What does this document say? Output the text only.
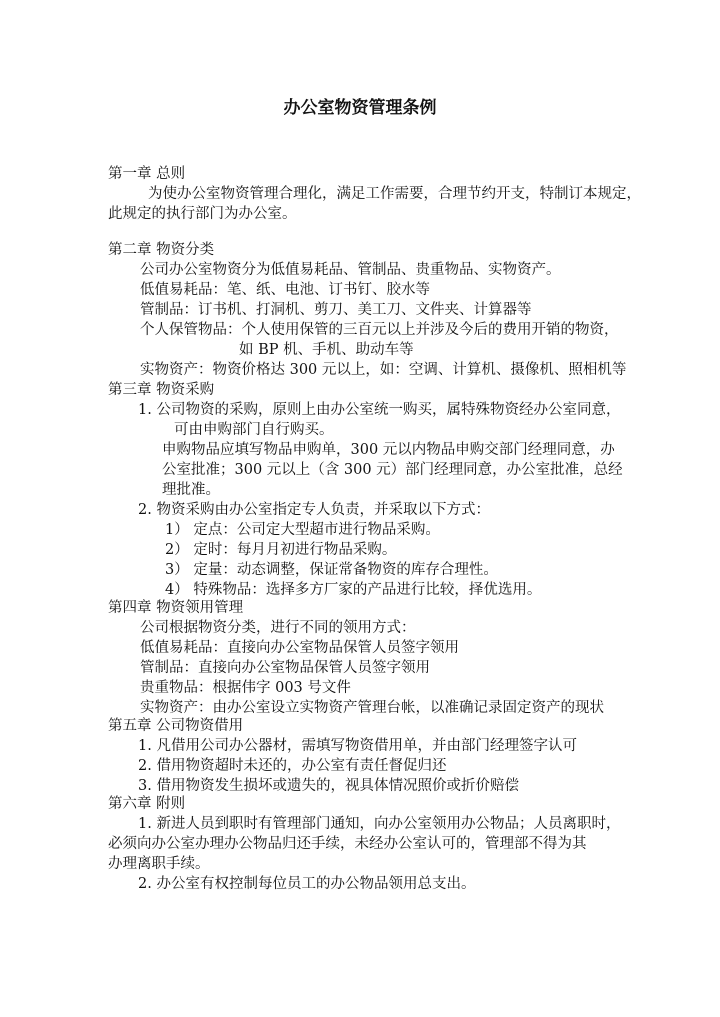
办公室物资管理条例
第一章 总则
为使办公室物资管理合理化，满足工作需要，合理节约开支，特制订本规定，
此规定的执行部门为办公室。
第二章 物资分类
公司办公室物资分为低值易耗品、管制品、贵重物品、实物资产。
低值易耗品：笔、纸、电池、订书钉、胶水等
管制品：订书机、打洞机、剪刀、美工刀、文件夹、计算器等
个人保管物品：个人使用保管的三百元以上并涉及今后的费用开销的物资，
如 BP 机、手机、助动车等
实物资产：物资价格达 300 元以上，如：空调、计算机、摄像机、照相机等
第三章 物资采购
1. 公司物资的采购，原则上由办公室统一购买，属特殊物资经办公室同意，
可由申购部门自行购买。
申购物品应填写物品申购单，300 元以内物品申购交部门经理同意，办
公室批准；300 元以上（含 300 元）部门经理同意，办公室批准，总经
理批准。
2. 物资采购由办公室指定专人负责，并采取以下方式：
1） 定点：公司定大型超市进行物品采购。
2） 定时：每月月初进行物品采购。
3） 定量：动态调整，保证常备物资的库存合理性。
4） 特殊物品：选择多方厂家的产品进行比较，择优选用。
第四章 物资领用管理
公司根据物资分类，进行不同的领用方式：
低值易耗品：直接向办公室物品保管人员签字领用
管制品：直接向办公室物品保管人员签字领用
贵重物品：根据伟字 003 号文件
实物资产：由办公室设立实物资产管理台帐，以准确记录固定资产的现状
第五章 公司物资借用
1. 凡借用公司办公器材，需填写物资借用单，并由部门经理签字认可
2. 借用物资超时未还的，办公室有责任督促归还
3. 借用物资发生损坏或遗失的，视具体情况照价或折价赔偿
第六章 附则
1. 新进人员到职时有管理部门通知，向办公室领用办公物品；人员离职时，
必须向办公室办理办公物品归还手续，未经办公室认可的，管理部不得为其
办理离职手续。
2. 办公室有权控制每位员工的办公物品领用总支出。
